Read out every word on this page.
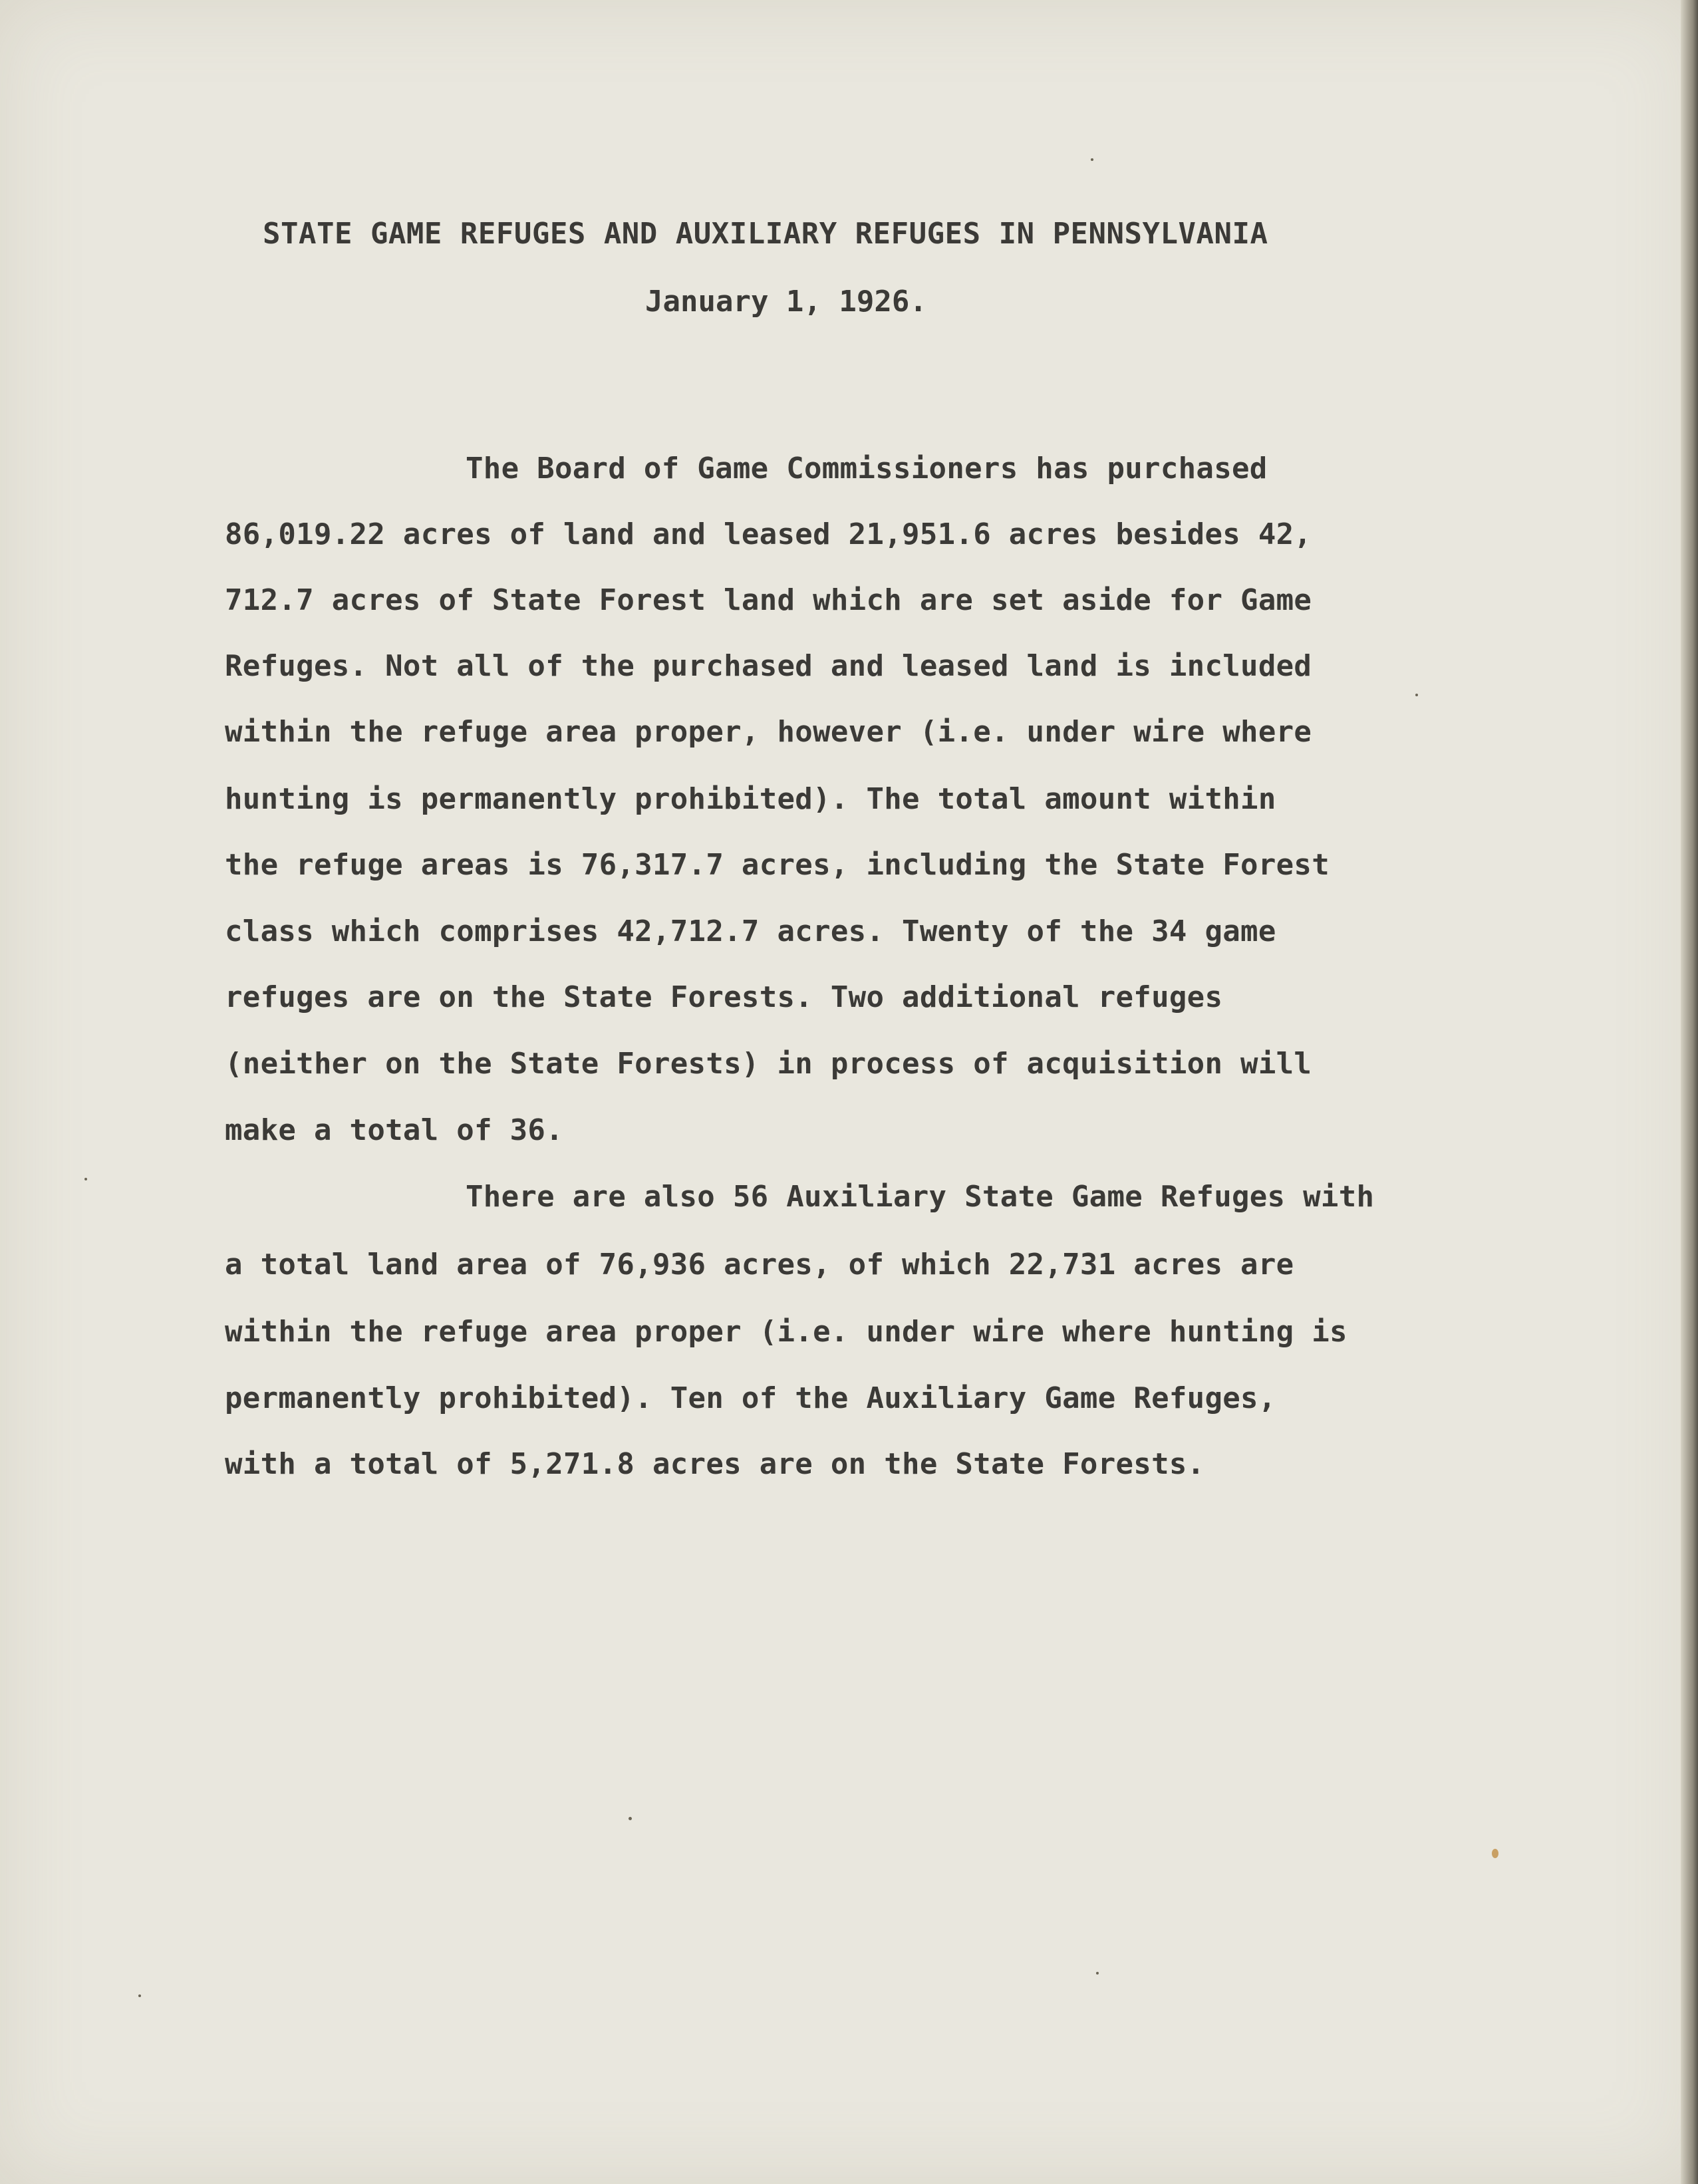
STATE GAME REFUGES AND AUXILIARY REFUGES IN PENNSYLVANIA
January 1, 1926.
The Board of Game Commissioners has purchased
86,019.22 acres of land and leased 21,951.6 acres besides 42,
712.7 acres of State Forest land which are set aside for Game
Refuges. Not all of the purchased and leased land is included
within the refuge area proper, however (i.e. under wire where
hunting is permanently prohibited). The total amount within
the refuge areas is 76,317.7 acres, including the State Forest
class which comprises 42,712.7 acres. Twenty of the 34 game
refuges are on the State Forests. Two additional refuges
(neither on the State Forests) in process of acquisition will
make a total of 36.
There are also 56 Auxiliary State Game Refuges with
a total land area of 76,936 acres, of which 22,731 acres are
within the refuge area proper (i.e. under wire where hunting is
permanently prohibited). Ten of the Auxiliary Game Refuges,
with a total of 5,271.8 acres are on the State Forests.
